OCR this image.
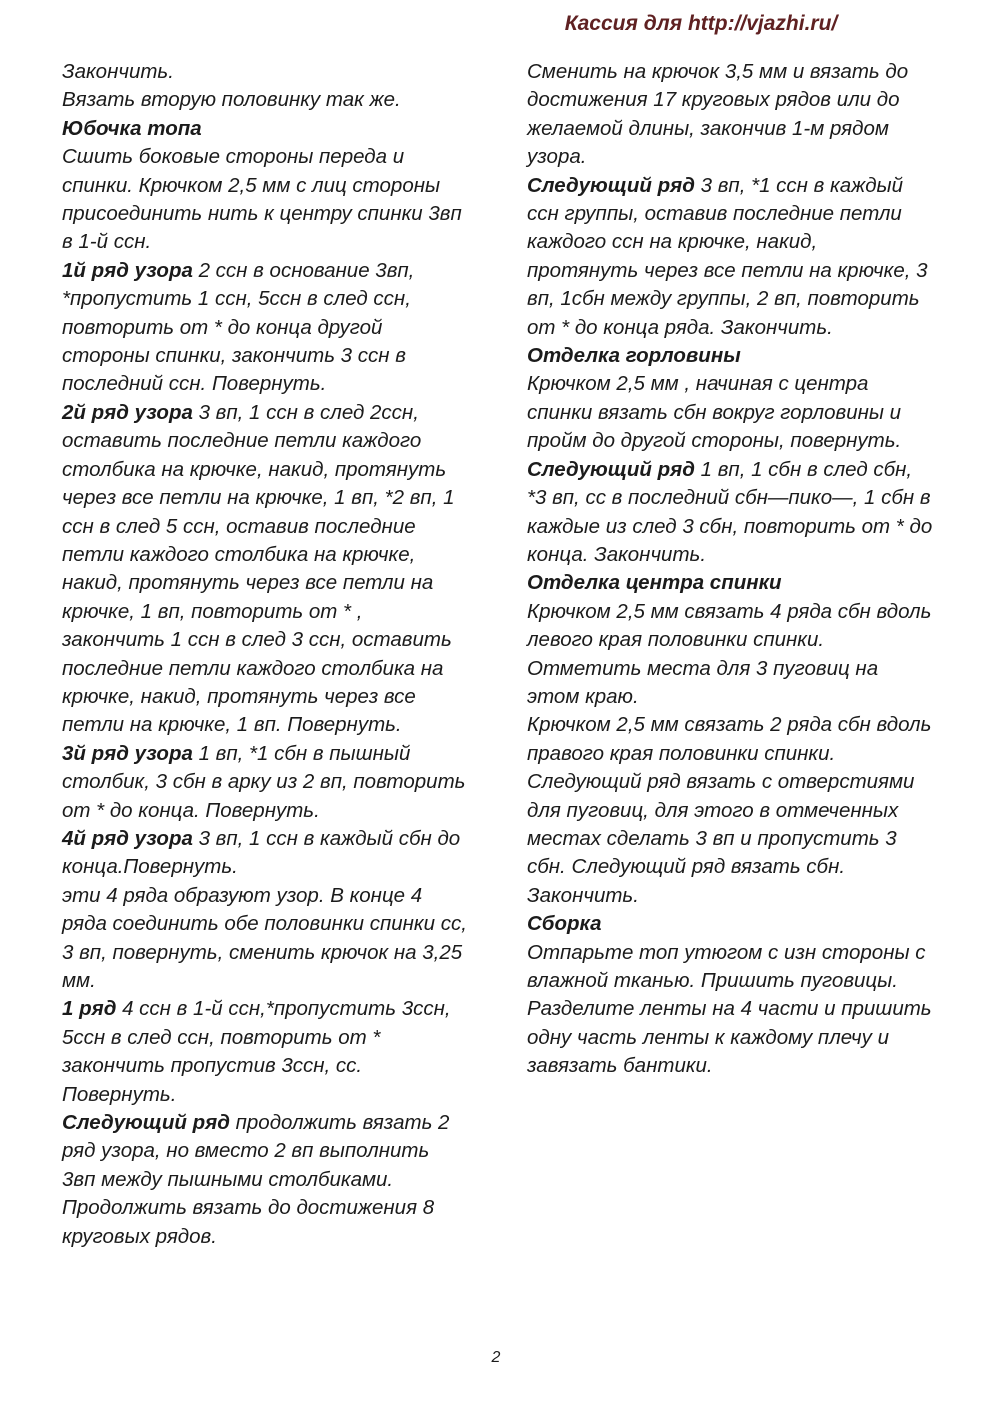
Кассия для http://vjazhi.ru/

Закончить.

Вязать вторую половинку так же.

Юбочка топа

Сшить боковые стороны переда и спинки. Крючком 2,5 мм с лиц стороны присоединить нить к центру спинки 3вп в 1-й ссн.

1й ряд узора 2 ссн в основание 3вп, *пропустить 1 ссн, 5ссн в след ссн, повторить от * до конца другой стороны спинки, закончить 3 ссн в последний ссн. Повернуть.

2й ряд узора 3 вп, 1 ссн в след 2ссн, оставить последние петли каждого столбика на крючке, накид, протянуть через все петли на крючке, 1 вп, *2 вп, 1 ссн в след 5 ссн, оставив последние петли каждого столбика на крючке, накид, протянуть через все петли на крючке, 1 вп, повторить от * , закончить 1 ссн в след 3 ссн, оставить последние петли каждого столбика на крючке, накид, протянуть через все петли на крючке, 1 вп. Повернуть.

3й ряд узора 1 вп, *1 сбн в пышный столбик, 3 сбн в арку из 2 вп, повторить от * до конца. Повернуть.

4й ряд узора 3 вп, 1 ссн в каждый сбн до конца.Повернуть.

эти 4 ряда образуют узор. В конце 4 ряда соединить обе половинки спинки сс, 3 вп, повернуть, сменить крючок на 3,25 мм.

1 ряд 4 ссн в 1-й ссн,*пропустить 3ссн, 5ссн в след ссн, повторить от * закончить пропустив 3ссн, сс. Повернуть.

Следующий ряд продолжить вязать 2 ряд узора, но вместо 2 вп выполнить 3вп между пышными столбиками. Продолжить вязать до достижения 8 круговых рядов.

Сменить на крючок 3,5 мм и вязать до достижения 17 круговых рядов или до желаемой длины, закончив 1-м рядом узора.

Следующий ряд 3 вп, *1 ссн в каждый ссн группы, оставив последние петли каждого ссн на крючке, накид, протянуть через все петли на крючке, 3 вп, 1сбн между группы, 2 вп, повторить от * до конца ряда. Закончить.

Отделка горловины

Крючком 2,5 мм , начиная с центра спинки вязать сбн вокруг горловины и пройм до другой стороны, повернуть.

Следующий ряд 1 вп, 1 сбн в след сбн, *3 вп, сс в последний сбн—пико—, 1 сбн в каждые из след 3 сбн, повторить от * до конца. Закончить.

Отделка центра спинки

Крючком 2,5 мм связать 4 ряда сбн вдоль левого края половинки спинки. Отметить места для 3 пуговиц на этом краю.

Крючком 2,5 мм связать 2 ряда сбн вдоль правого края половинки спинки. Следующий ряд вязать с отверстиями для пуговиц, для этого в отмеченных местах сделать 3 вп и пропустить 3 сбн. Следующий ряд вязать сбн. Закончить.

Сборка

Отпарьте топ утюгом с изн стороны с влажной тканью. Пришить пуговицы. Разделите ленты на 4 части и пришить одну часть ленты к каждому плечу и завязать бантики.

2
